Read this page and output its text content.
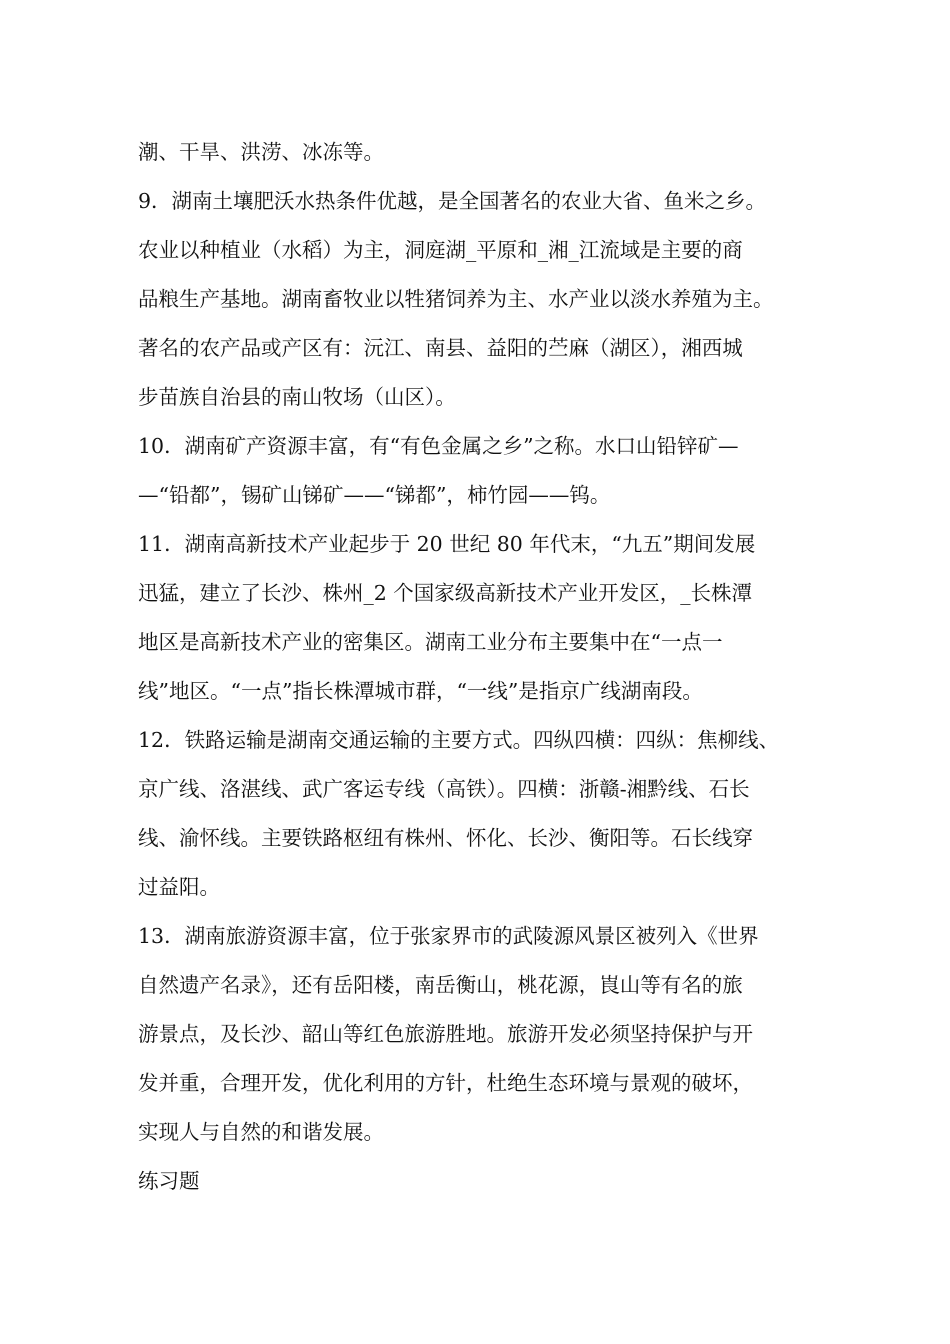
潮、干旱、洪涝、冰冻等。
9．湖南土壤肥沃水热条件优越，是全国著名的农业大省、鱼米之乡。
农业以种植业（水稻）为主，洞庭湖_平原和_湘_江流域是主要的商
品粮生产基地。湖南畜牧业以牲猪饲养为主、水产业以淡水养殖为主。
著名的农产品或产区有：沅江、南县、益阳的苎麻（湖区），湘西城
步苗族自治县的南山牧场（山区）。
10．湖南矿产资源丰富，有“有色金属之乡”之称。水口山铅锌矿—
—“铅都”，锡矿山锑矿——“锑都”，柿竹园——钨。
11．湖南高新技术产业起步于 20 世纪 80 年代末，“九五”期间发展
迅猛，建立了长沙、株州_2 个国家级高新技术产业开发区，_长株潭
地区是高新技术产业的密集区。湖南工业分布主要集中在“一点一
线”地区。“一点”指长株潭城市群，“一线”是指京广线湖南段。
12．铁路运输是湖南交通运输的主要方式。四纵四横：四纵：焦柳线、
京广线、洛湛线、武广客运专线（高铁）。四横：浙赣-湘黔线、石长
线、渝怀线。主要铁路枢纽有株州、怀化、长沙、衡阳等。石长线穿
过益阳。
13．湖南旅游资源丰富，位于张家界市的武陵源风景区被列入《世界
自然遗产名录》，还有岳阳楼，南岳衡山，桃花源，崀山等有名的旅
游景点，及长沙、韶山等红色旅游胜地。旅游开发必须坚持保护与开
发并重，合理开发，优化利用的方针，杜绝生态环境与景观的破坏，
实现人与自然的和谐发展。
练习题
